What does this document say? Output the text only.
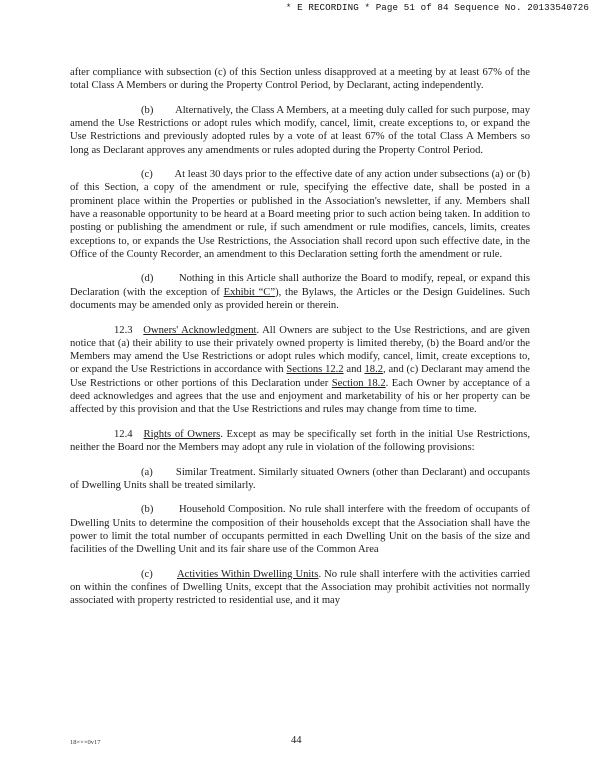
* E RECORDING * Page 51 of 84 Sequence No. 20133540726

after compliance with subsection (c) of this Section unless disapproved at a meeting by at least 67% of the total Class A Members or during the Property Control Period, by Declarant, acting independently.

(b) Alternatively, the Class A Members, at a meeting duly called for such purpose, may amend the Use Restrictions or adopt rules which modify, cancel, limit, create exceptions to, or expand the Use Restrictions and previously adopted rules by a vote of at least 67% of the total Class A Members so long as Declarant approves any amendments or rules adopted during the Property Control Period.

(c) At least 30 days prior to the effective date of any action under subsections (a) or (b) of this Section, a copy of the amendment or rule, specifying the effective date, shall be posted in a prominent place within the Properties or published in the Association's newsletter, if any. Members shall have a reasonable opportunity to be heard at a Board meeting prior to such action being taken. In addition to posting or publishing the amendment or rule, if such amendment or rule modifies, cancels, limits, creates exceptions to, or expands the Use Restrictions, the Association shall record upon such effective date, in the Office of the County Recorder, an amendment to this Declaration setting forth the amendment or rule.

(d) Nothing in this Article shall authorize the Board to modify, repeal, or expand this Declaration (with the exception of Exhibit “C”), the Bylaws, the Articles or the Design Guidelines. Such documents may be amended only as provided herein or therein.

12.3 Owners' Acknowledgment. All Owners are subject to the Use Restrictions, and are given notice that (a) their ability to use their privately owned property is limited thereby, (b) the Board and/or the Members may amend the Use Restrictions or adopt rules which modify, cancel, limit, create exceptions to, or expand the Use Restrictions in accordance with Sections 12.2 and 18.2, and (c) Declarant may amend the Use Restrictions or other portions of this Declaration under Section 18.2. Each Owner by acceptance of a deed acknowledges and agrees that the use and enjoyment and marketability of his or her property can be affected by this provision and that the Use Restrictions and rules may change from time to time.

12.4 Rights of Owners. Except as may be specifically set forth in the initial Use Restrictions, neither the Board nor the Members may adopt any rule in violation of the following provisions:

(a) Similar Treatment. Similarly situated Owners (other than Declarant) and occupants of Dwelling Units shall be treated similarly.

(b) Household Composition. No rule shall interfere with the freedom of occupants of Dwelling Units to determine the composition of their households except that the Association shall have the power to limit the total number of occupants permitted in each Dwelling Unit on the basis of the size and facilities of the Dwelling Unit and its fair share use of the Common Area

(c) Activities Within Dwelling Units. No rule shall interfere with the activities carried on within the confines of Dwelling Units, except that the Association may prohibit activities not normally associated with property restricted to residential use, and it may

18×××0v17	44
